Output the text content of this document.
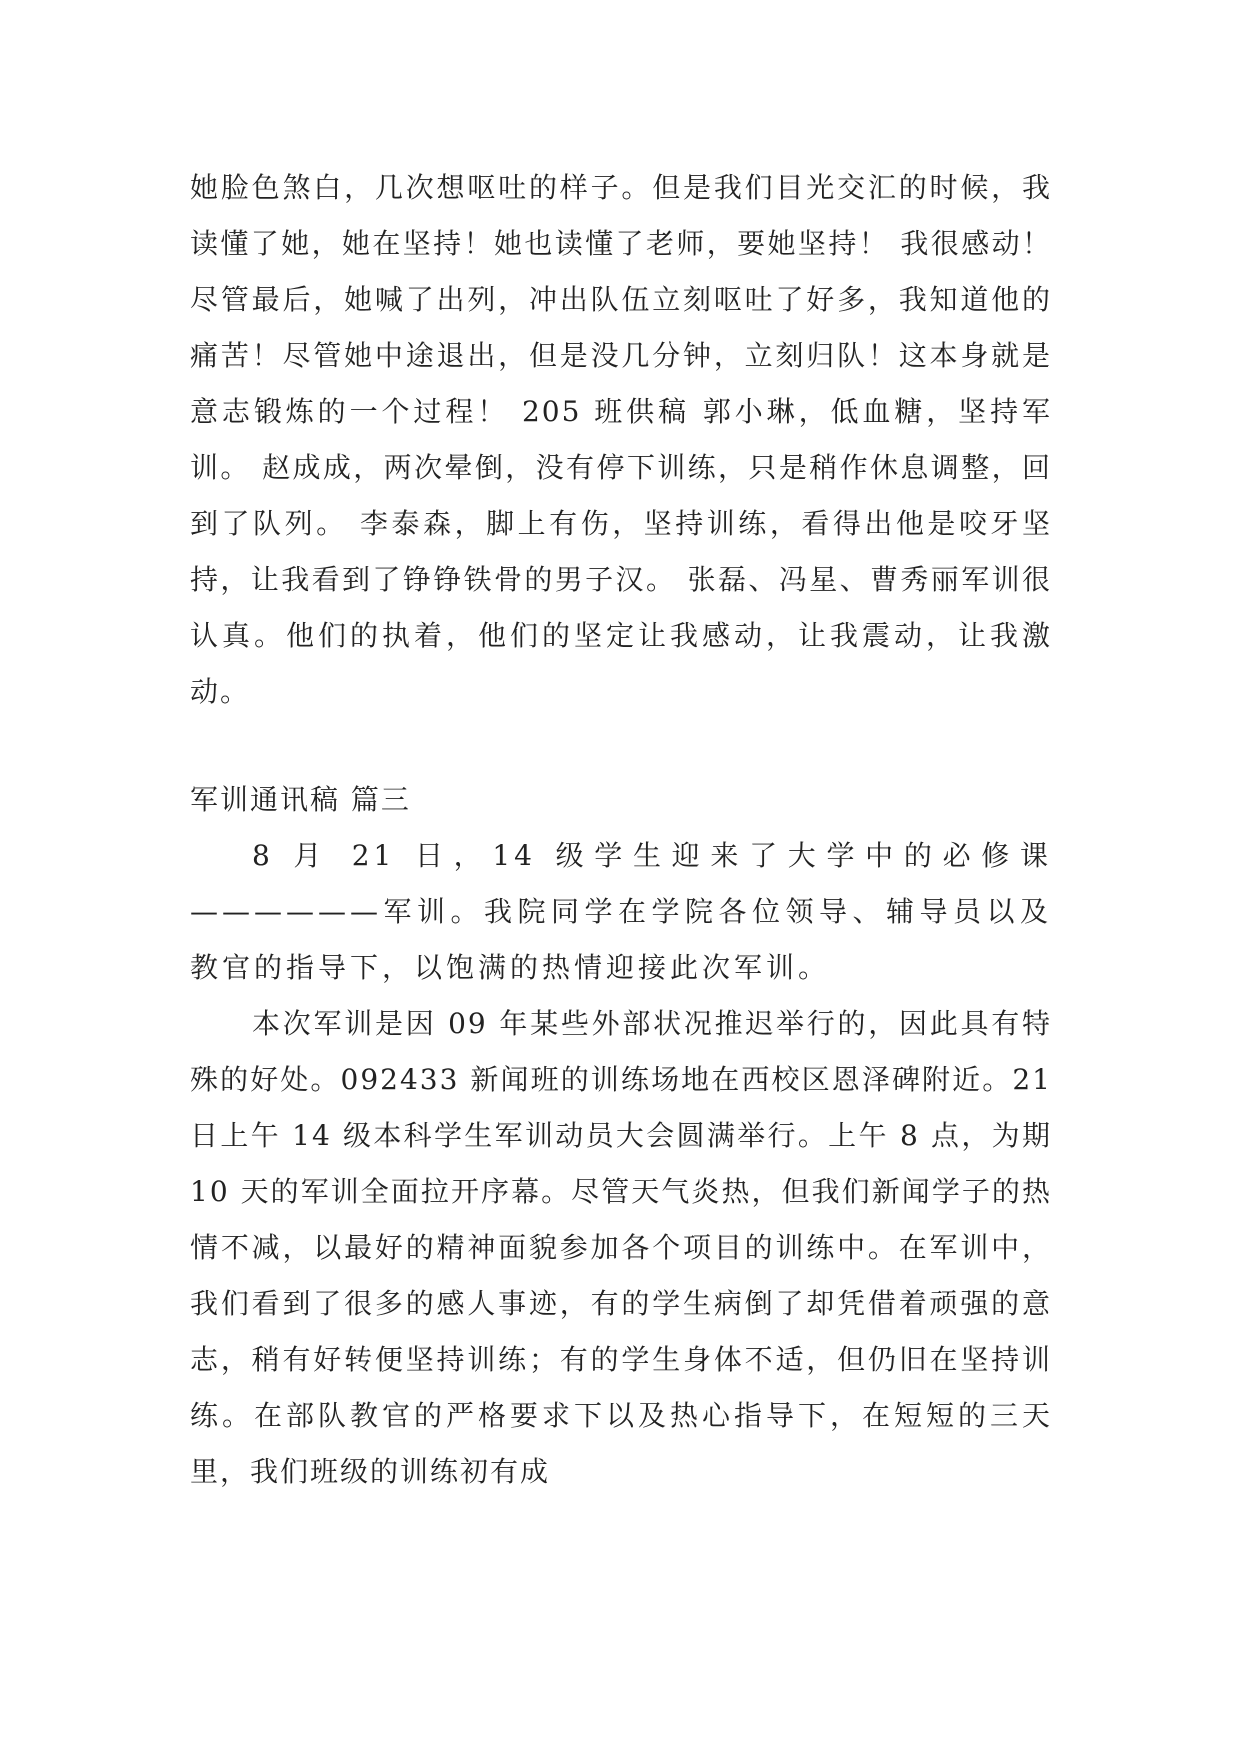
她脸色煞白，几次想呕吐的样子。但是我们目光交汇的时候，我读懂了她，她在坚持！她也读懂了老师，要她坚持！ 我很感动！尽管最后，她喊了出列，冲出队伍立刻呕吐了好多，我知道他的痛苦！尽管她中途退出，但是没几分钟，立刻归队！这本身就是意志锻炼的一个过程！ 205 班供稿 郭小琳，低血糖，坚持军训。 赵成成，两次晕倒，没有停下训练，只是稍作休息调整，回到了队列。 李泰森，脚上有伤，坚持训练，看得出他是咬牙坚持，让我看到了铮铮铁骨的男子汉。 张磊、冯星、曹秀丽军训很认真。他们的执着，他们的坚定让我感动，让我震动，让我激动。

军训通讯稿 篇三

8 月 21 日，14 级学生迎来了大学中的必修课——————军训。我院同学在学院各位领导、辅导员以及教官的指导下，以饱满的热情迎接此次军训。

本次军训是因 09 年某些外部状况推迟举行的，因此具有特殊的好处。092433 新闻班的训练场地在西校区恩泽碑附近。21 日上午 14 级本科学生军训动员大会圆满举行。上午 8 点，为期 10 天的军训全面拉开序幕。尽管天气炎热，但我们新闻学子的热情不减，以最好的精神面貌参加各个项目的训练中。在军训中，我们看到了很多的感人事迹，有的学生病倒了却凭借着顽强的意志，稍有好转便坚持训练；有的学生身体不适，但仍旧在坚持训练。在部队教官的严格要求下以及热心指导下，在短短的三天里，我们班级的训练初有成
